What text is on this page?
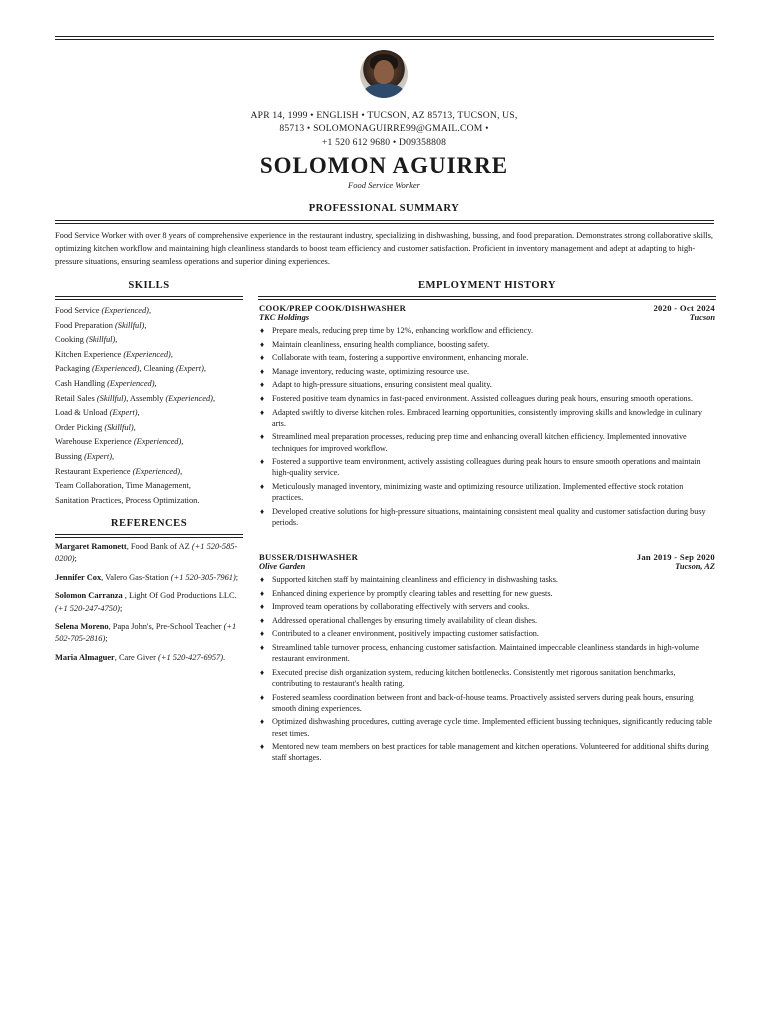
APR 14, 1999 • ENGLISH • TUCSON, AZ 85713, TUCSON, US,
85713 • SOLOMONAGUIRRE99@GMAIL.COM •
+1 520 612 9680 • D09358808
SOLOMON AGUIRRE
Food Service Worker
PROFESSIONAL SUMMARY
Food Service Worker with over 8 years of comprehensive experience in the restaurant industry, specializing in dishwashing, bussing, and food preparation. Demonstrates strong collaborative skills, optimizing kitchen workflow and maintaining high cleanliness standards to boost team efficiency and customer satisfaction. Proficient in inventory management and adept at adapting to high-pressure situations, ensuring seamless operations and superior dining experiences.
SKILLS
Food Service (Experienced),
Food Preparation (Skillful),
Cooking (Skillful),
Kitchen Experience (Experienced),
Packaging (Experienced), Cleaning (Expert),
Cash Handling (Experienced),
Retail Sales (Skillful), Assembly (Experienced),
Load & Unload (Expert),
Order Picking (Skillful),
Warehouse Experience (Experienced),
Bussing (Expert),
Restaurant Experience (Experienced),
Team Collaboration, Time Management,
Sanitation Practices, Process Optimization.
REFERENCES
Margaret Ramonett, Food Bank of AZ (+1 520-585-0200);
Jennifer Cox, Valero Gas-Station (+1 520-305-7961);
Solomon Carranza , Light Of God Productions LLC. (+1 520-247-4750);
Selena Moreno, Papa John's, Pre-School Teacher (+1 502-705-2816);
Maria Almaguer, Care Giver (+1 520-427-6957).
EMPLOYMENT HISTORY
COOK/PREP COOK/DISHWASHER	2020 - Oct 2024
TKC Holdings	Tucson
♦ Prepare meals, reducing prep time by 12%, enhancing workflow and efficiency.
♦ Maintain cleanliness, ensuring health compliance, boosting safety.
♦ Collaborate with team, fostering a supportive environment, enhancing morale.
♦ Manage inventory, reducing waste, optimizing resource use.
♦ Adapt to high-pressure situations, ensuring consistent meal quality.
♦ Fostered positive team dynamics in fast-paced environment. Assisted colleagues during peak hours, ensuring smooth operations.
♦ Adapted swiftly to diverse kitchen roles. Embraced learning opportunities, consistently improving skills and knowledge in culinary arts.
♦ Streamlined meal preparation processes, reducing prep time and enhancing overall kitchen efficiency. Implemented innovative techniques for improved workflow.
♦ Fostered a supportive team environment, actively assisting colleagues during peak hours to ensure smooth operations and maintain high-quality service.
♦ Meticulously managed inventory, minimizing waste and optimizing resource utilization. Implemented effective stock rotation practices.
♦ Developed creative solutions for high-pressure situations, maintaining consistent meal quality and customer satisfaction during busy periods.
BUSSER/DISHWASHER	Jan 2019 - Sep 2020
Olive Garden	Tucson, AZ
♦ Supported kitchen staff by maintaining cleanliness and efficiency in dishwashing tasks.
♦ Enhanced dining experience by promptly clearing tables and resetting for new guests.
♦ Improved team operations by collaborating effectively with servers and cooks.
♦ Addressed operational challenges by ensuring timely availability of clean dishes.
♦ Contributed to a cleaner environment, positively impacting customer satisfaction.
♦ Streamlined table turnover process, enhancing customer satisfaction. Maintained impeccable cleanliness standards in high-volume restaurant environment.
♦ Executed precise dish organization system, reducing kitchen bottlenecks. Consistently met rigorous sanitation benchmarks, contributing to restaurant's health rating.
♦ Fostered seamless coordination between front and back-of-house teams. Proactively assisted servers during peak hours, ensuring smooth dining experiences.
♦ Optimized dishwashing procedures, cutting average cycle time. Implemented efficient bussing techniques, significantly reducing table reset times.
♦ Mentored new team members on best practices for table management and kitchen operations. Volunteered for additional shifts during staff shortages.
